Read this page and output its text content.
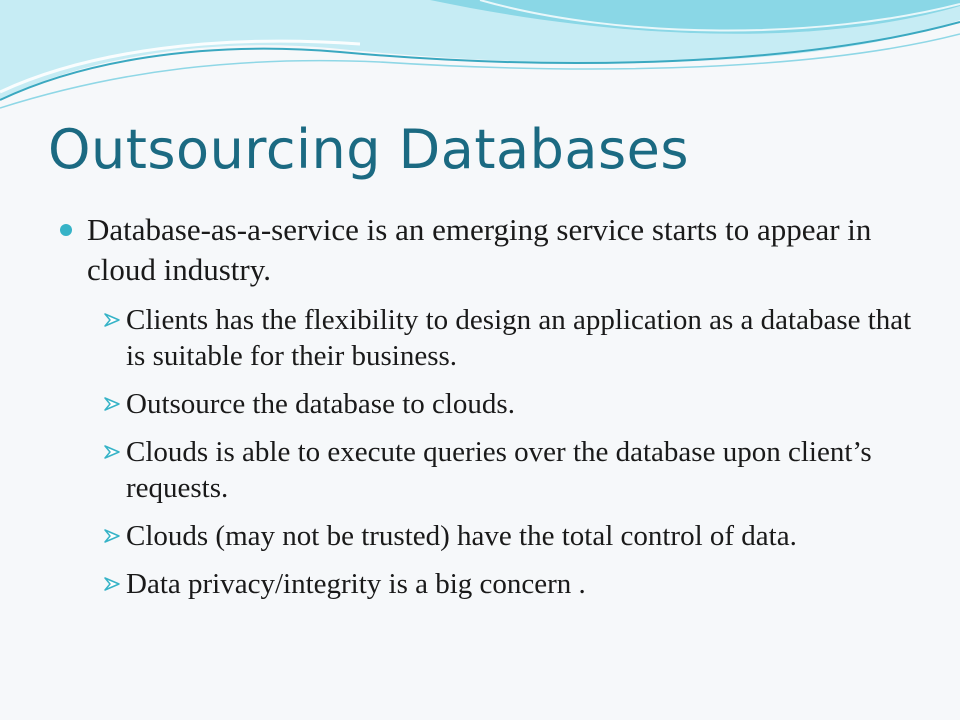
Outsourcing Databases
Database-as-a-service is an emerging service starts to appear in cloud industry.
Clients has the flexibility to design an application as a database that is suitable for their business.
Outsource the database to clouds.
Clouds is able to execute queries over the database upon client’s requests.
Clouds (may not be trusted) have the total control of data.
Data privacy/integrity is a big concern .
